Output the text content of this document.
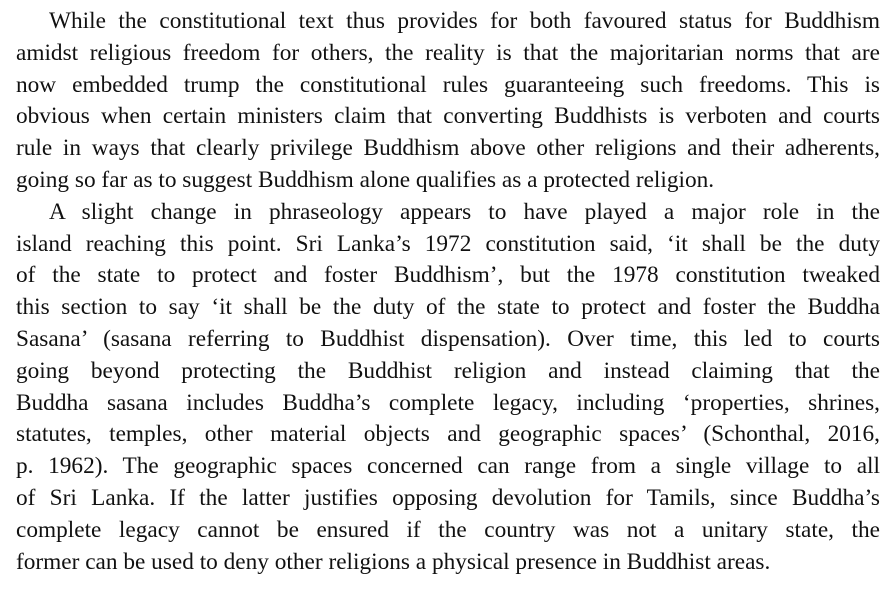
While the constitutional text thus provides for both favoured status for Buddhism
amidst religious freedom for others, the reality is that the majoritarian norms that are
now embedded trump the constitutional rules guaranteeing such freedoms. This is
obvious when certain ministers claim that converting Buddhists is verboten and courts
rule in ways that clearly privilege Buddhism above other religions and their adherents,
going so far as to suggest Buddhism alone qualifies as a protected religion.
A slight change in phraseology appears to have played a major role in the
island reaching this point. Sri Lanka’s 1972 constitution said, ‘it shall be the duty
of the state to protect and foster Buddhism’, but the 1978 constitution tweaked
this section to say ‘it shall be the duty of the state to protect and foster the Buddha
Sasana’ (sasana referring to Buddhist dispensation). Over time, this led to courts
going beyond protecting the Buddhist religion and instead claiming that the
Buddha sasana includes Buddha’s complete legacy, including ‘properties, shrines,
statutes, temples, other material objects and geographic spaces’ (Schonthal, 2016,
p. 1962). The geographic spaces concerned can range from a single village to all
of Sri Lanka. If the latter justifies opposing devolution for Tamils, since Buddha’s
complete legacy cannot be ensured if the country was not a unitary state, the
former can be used to deny other religions a physical presence in Buddhist areas.
